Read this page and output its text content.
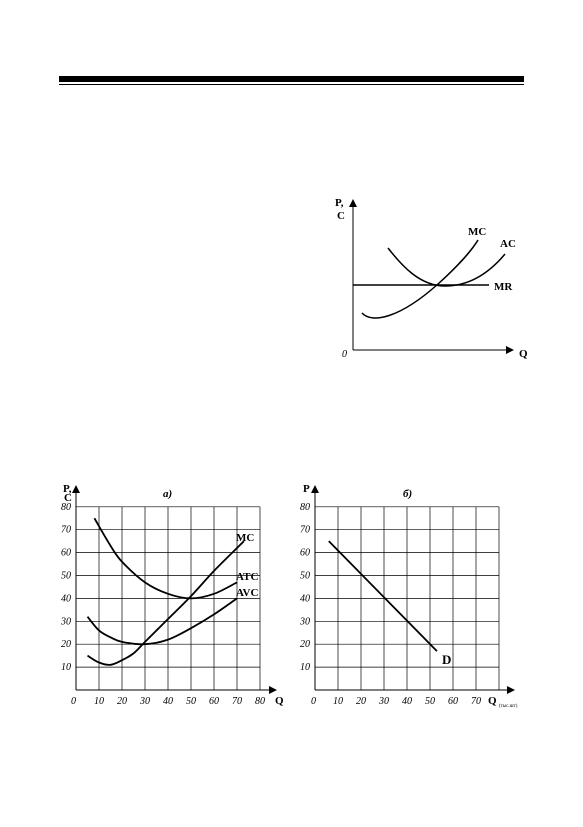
P,
C
Q
0
MC
AC
MR
10 20 30 40 50 60 70 80
10
20
30
40
50
60
70
80
P,
C
Q
0
а)
MC
ATC
AVC
10 20 30 40 50 60 70
10
20
30
40
50
60
70
80
P
Q (тыс.шт)
0
б)
D
